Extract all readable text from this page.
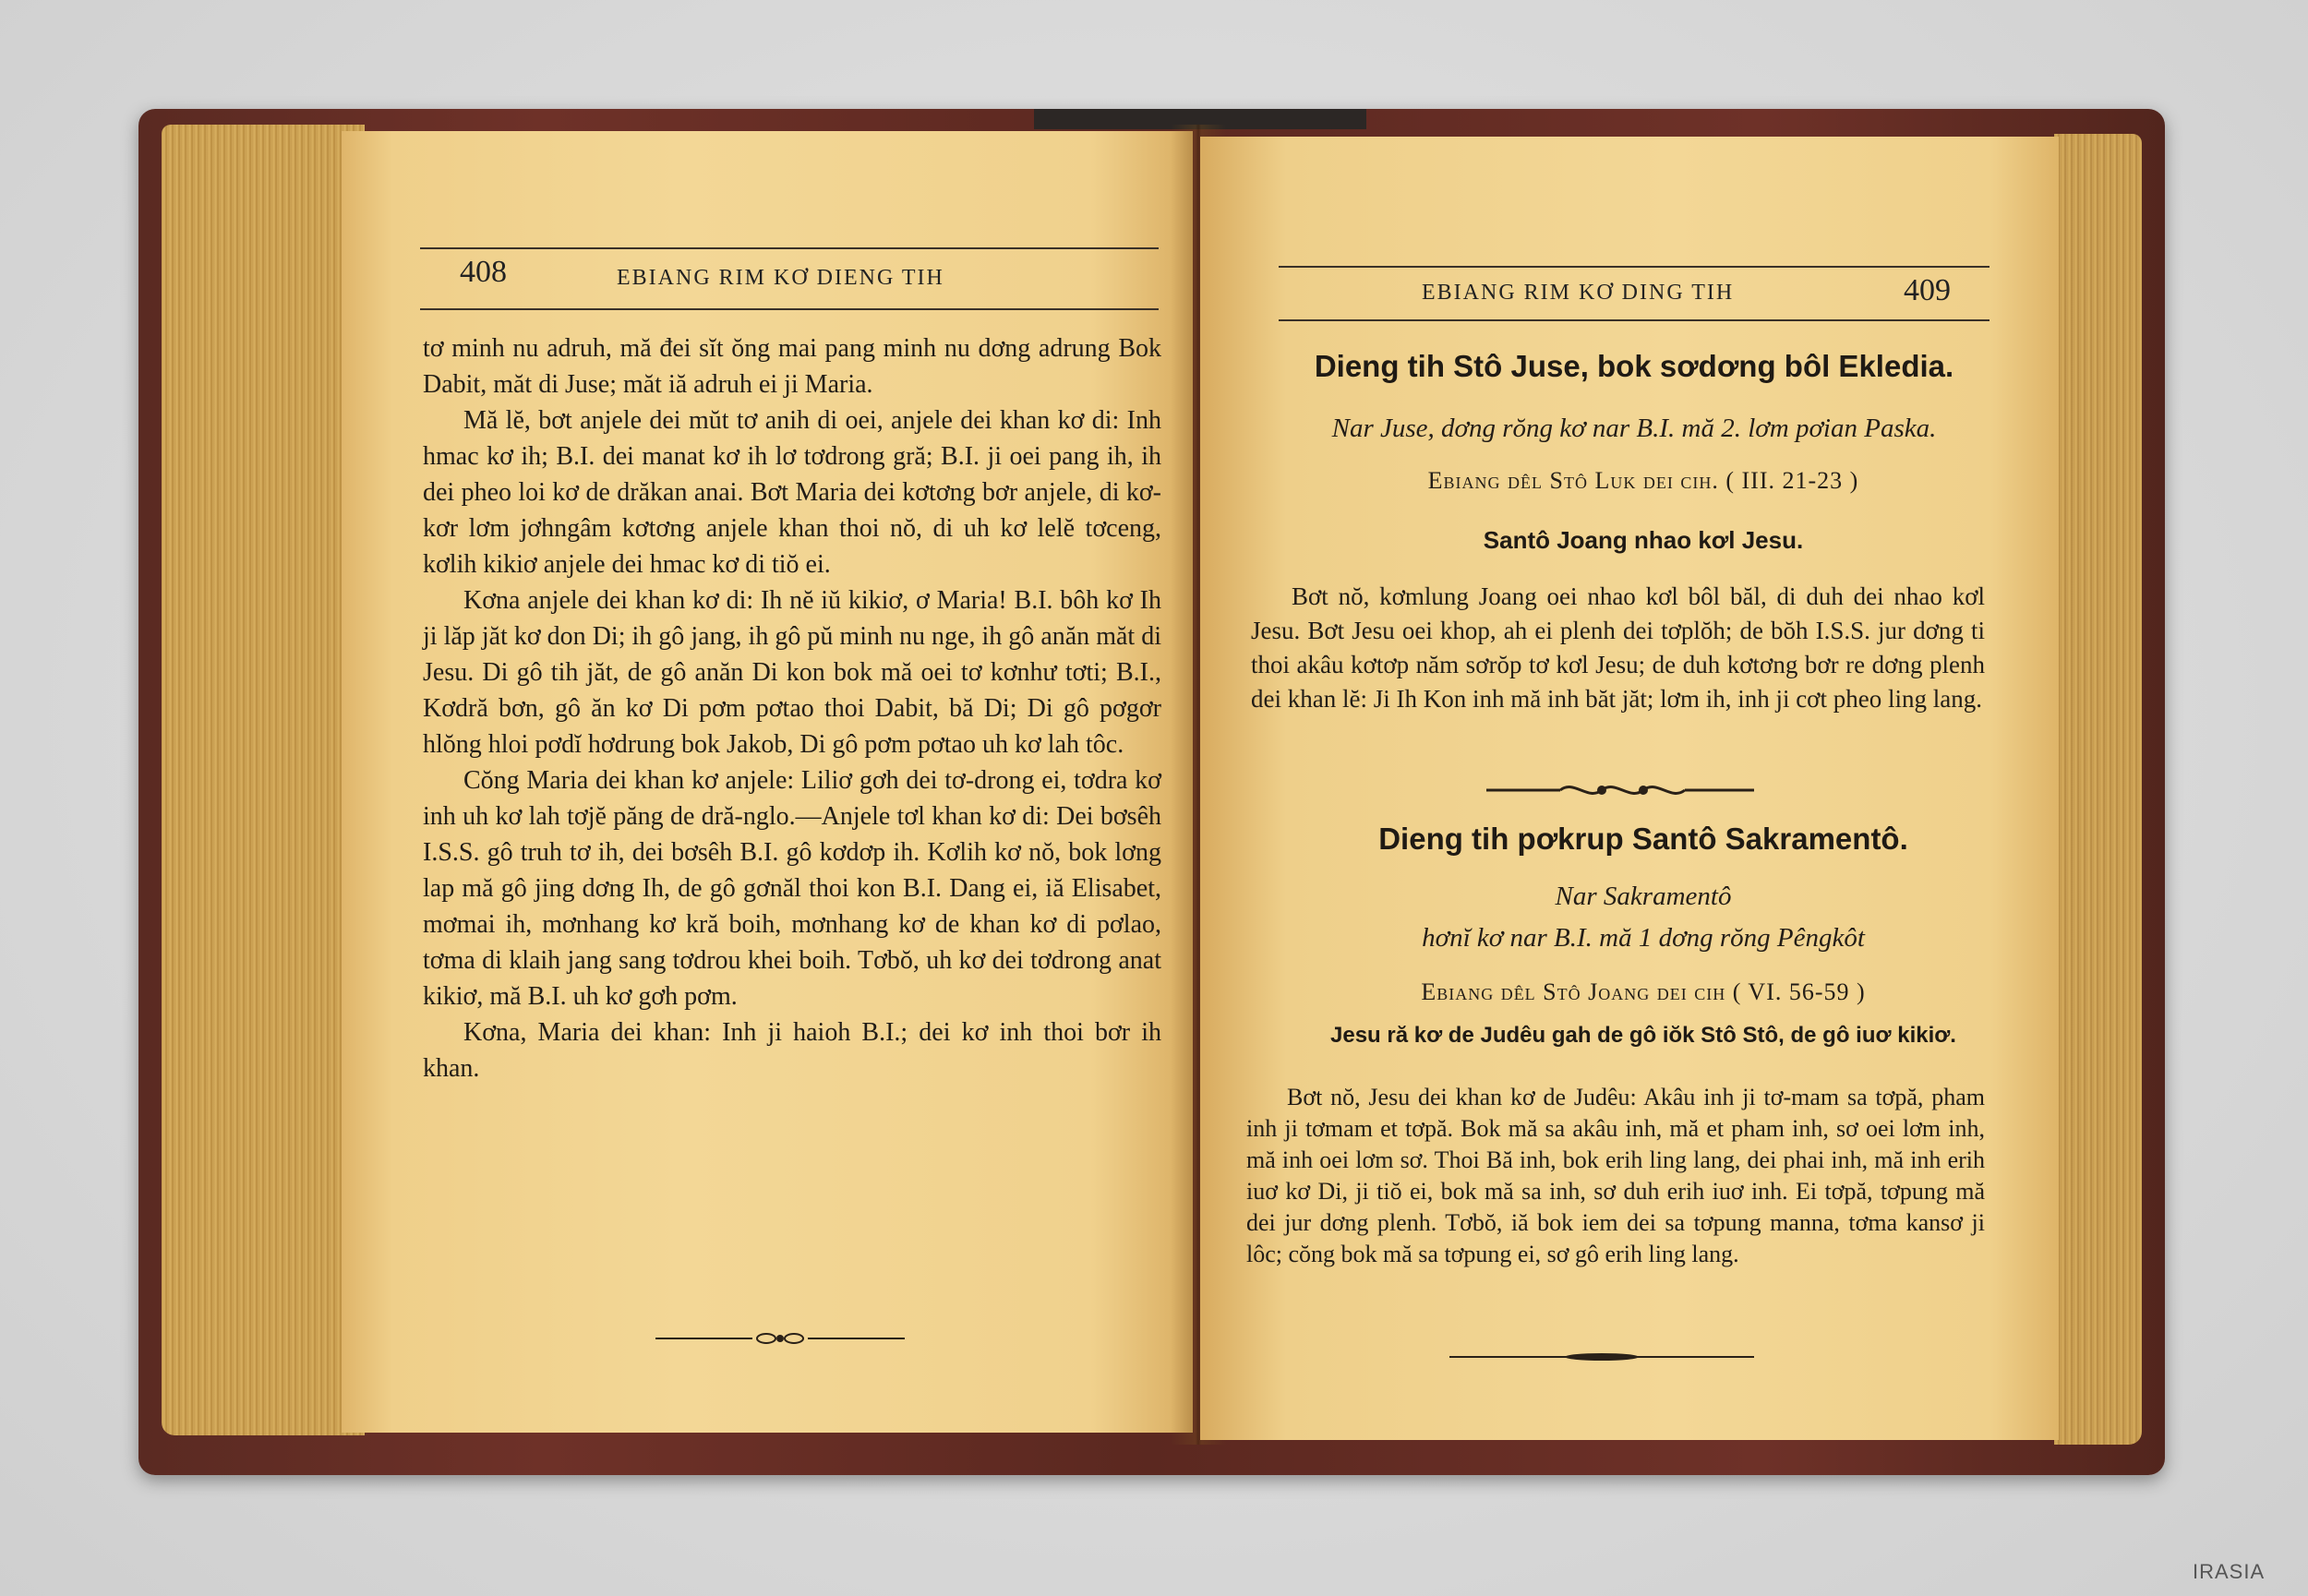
408	EBIANG RIM KƠ DIENG TIH

tơ minh nu adruh, mă đei sĭt ŏng mai pang minh nu dơng adrung Bok Dabit, măt di Juse; măt iă adruh ei ji Maria.

Mă lĕ, bơt anjele dei mŭt tơ anih di oei, anjele dei khan kơ di: Inh hmac kơ ih; B.I. dei manat kơ ih lơ tơdrong gră; B.I. ji oei pang ih, ih dei pheo loi kơ de drăkan anai. Bơt Maria dei kơtơng bơr anjele, di kơ-kơr lơm jơhngâm kơtơng anjele khan thoi nŏ, di uh kơ lelĕ tơceng, kơlih kikiơ anjele dei hmac kơ di tiŏ ei.

Kơna anjele dei khan kơ di: Ih nĕ iŭ kikiơ, ơ Maria! B.I. bôh kơ Ih ji lăp jăt kơ don Di; ih gô jang, ih gô pŭ minh nu nge, ih gô anăn măt di Jesu. Di gô tih jăt, de gô anăn Di kon bok mă oei tơ kơnhư tơti; B.I., Kơdră bơn, gô ăn kơ Di pơm pơtao thoi Dabit, bă Di; Di gô pơgơr hlŏng hloi pơdĭ hơdrung bok Jakob, Di gô pơm pơtao uh kơ lah tôc.

Cŏng Maria dei khan kơ anjele: Liliơ gơh dei tơ-drong ei, tơdra kơ inh uh kơ lah tơjĕ păng de dră-nglo.—Anjele tơl khan kơ di: Dei bơsêh I.S.S. gô truh tơ ih, dei bơsêh B.I. gô kơdơp ih. Kơlih kơ nŏ, bok lơng lap mă gô jing dơng Ih, de gô gơnăl thoi kon B.I. Dang ei, iă Elisabet, mơmai ih, mơnhang kơ kră boih, mơnhang kơ de khan kơ di pơlao, tơma di klaih jang sang tơdrou khei boih. Tơbŏ, uh kơ dei tơdrong anat kikiơ, mă B.I. uh kơ gơh pơm.

Kơna, Maria dei khan: Inh ji haioh B.I.; dei kơ inh thoi bơr ih khan.

EBIANG RIM KƠ DING TIH	409
Dieng tih Stô Juse, bok sơdơng bôl Ekledia.
Nar Juse, dơng rŏng kơ nar B.I. mă 2. lơm pơian Paska.
Ebiang dêl Stô Luk dei cih. ( III. 21-23 )
Santô Joang nhao kơl Jesu.

Bơt nŏ, kơmlung Joang oei nhao kơl bôl băl, di duh dei nhao kơl Jesu. Bơt Jesu oei khop, ah ei plenh dei tơplŏh; de bŏh I.S.S. jur dơng ti thoi akâu kơtơp năm sơrŏp tơ kơl Jesu; de duh kơtơng bơr re dơng plenh dei khan lĕ: Ji Ih Kon inh mă inh băt jăt; lơm ih, inh ji cơt pheo ling lang.

Dieng tih pơkrup Santô Sakramentô.
Nar Sakramentô
hơnĭ kơ nar B.I. mă 1 dơng rŏng Pêngkôt
Ebiang dêl Stô Joang dei cih ( VI. 56-59 )
Jesu ră kơ de Judêu gah de gô iŏk Stô Stô, de gô iuơ kikiơ.

Bơt nŏ, Jesu dei khan kơ de Judêu: Akâu inh ji tơ-mam sa tơpă, pham inh ji tơmam et tơpă. Bok mă sa akâu inh, mă et pham inh, sơ oei lơm inh, mă inh oei lơm sơ. Thoi Bă inh, bok erih ling lang, dei phai inh, mă inh erih iuơ kơ Di, ji tiŏ ei, bok mă sa inh, sơ duh erih iuơ inh. Ei tơpă, tơpung mă dei jur dơng plenh. Tơbŏ, iă bok iem dei sa tơpung manna, tơma kansơ ji lôc; cŏng bok mă sa tơpung ei, sơ gô erih ling lang.

IRASIA
